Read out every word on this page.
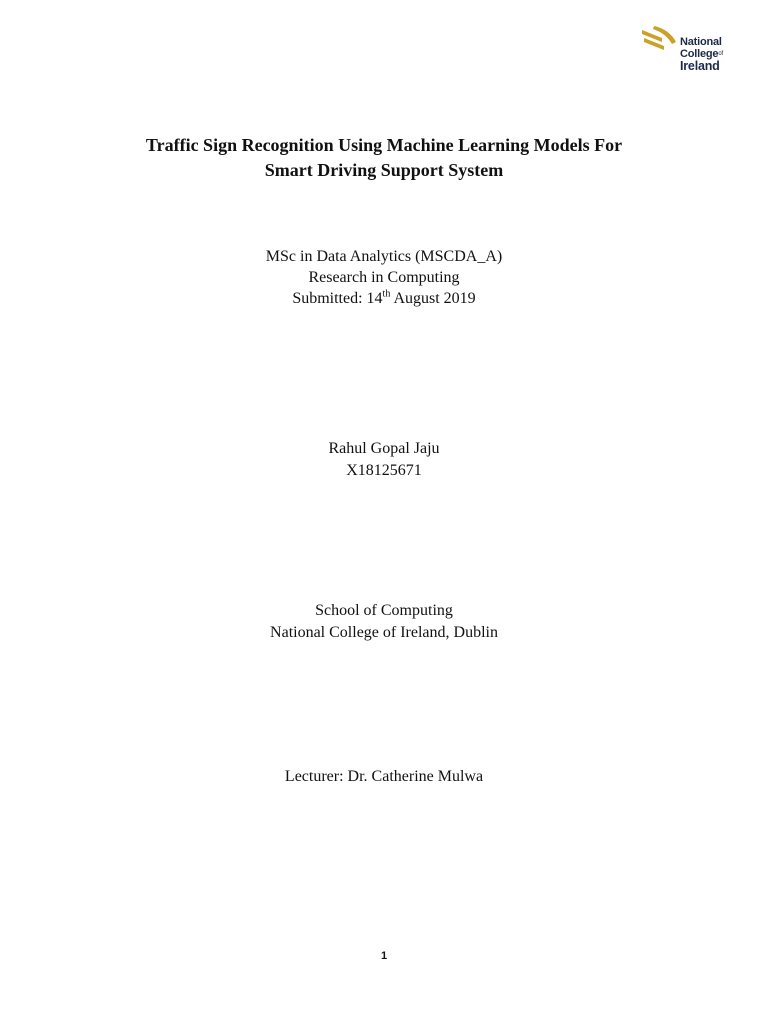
National
College$^{of}$
Ireland
Traffic Sign Recognition Using Machine Learning Models For
Smart Driving Support System
MSc in Data Analytics (MSCDA_A)
Research in Computing
Submitted: 14th August 2019
Rahul Gopal Jaju
X18125671
School of Computing
National College of Ireland, Dublin
Lecturer: Dr. Catherine Mulwa
1
